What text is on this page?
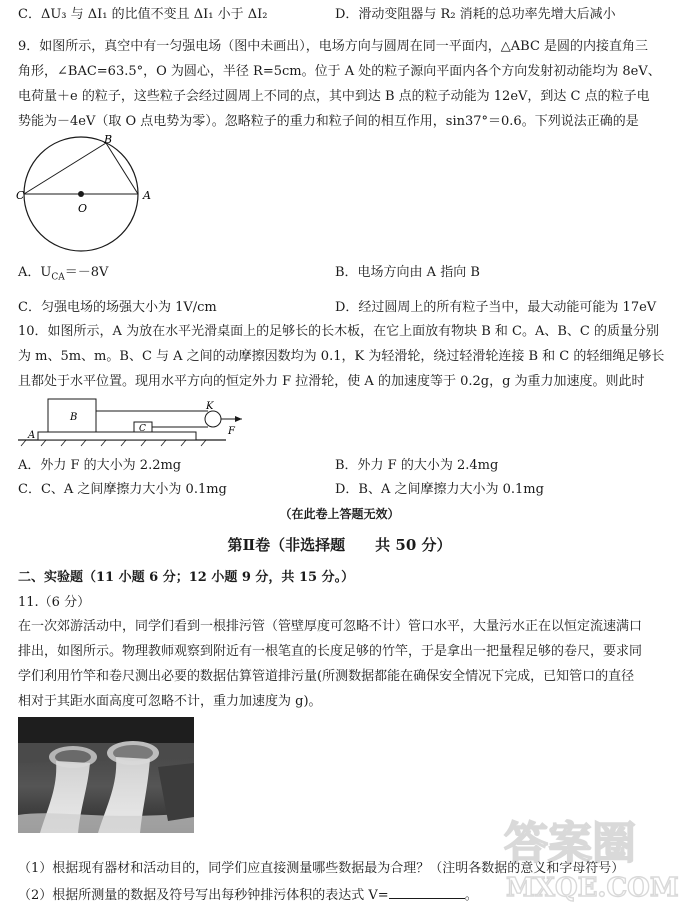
C．ΔU₃ 与 ΔI₁ 的比值不变且 ΔI₁ 小于 ΔI₂	D．滑动变阻器与 R₂ 消耗的总功率先增大后减小
9．如图所示，真空中有一匀强电场（图中未画出），电场方向与圆周在同一平面内，△ABC 是圆的内接直角三
角形，∠BAC=63.5°，O 为圆心，半径 R=5cm。位于 A 处的粒子源向平面内各个方向发射初动能均为 8eV、
电荷量＋e 的粒子，这些粒子会经过圆周上不同的点，其中到达 B 点的粒子动能为 12eV，到达 C 点的粒子电
势能为－4eV（取 O 点电势为零）。忽略粒子的重力和粒子间的相互作用，sin37°＝0.6。下列说法正确的是
C	A
B
O
A．$U_{CA}=-8V$	B．电场方向由 A 指向 B
C．匀强电场的场强大小为 1V/cm	D．经过圆周上的所有粒子当中，最大动能可能为 17eV
10．如图所示，A 为放在水平光滑桌面上的足够长的长木板，在它上面放有物块 B 和 C。A、B、C 的质量分别
为 m、5m、m。B、C 与 A 之间的动摩擦因数均为 0.1，K 为轻滑轮，绕过轻滑轮连接 B 和 C 的轻细绳足够长
且都处于水平位置。现用水平方向的恒定外力 F 拉滑轮，使 A 的加速度等于 0.2g，g 为重力加速度。则此时
B
C
A
K
F
A．外力 F 的大小为 2.2mg	B．外力 F 的大小为 2.4mg
C．C、A 之间摩擦力大小为 0.1mg	D．B、A 之间摩擦力大小为 0.1mg
（在此卷上答题无效）
第Ⅱ卷（非选择题　　共 50 分）
二、实验题（11 小题 6 分；12 小题 9 分，共 15 分。）
11.（6 分）
在一次郊游活动中，同学们看到一根排污管（管壁厚度可忽略不计）管口水平，大量污水正在以恒定流速满口
排出，如图所示。物理教师观察到附近有一根笔直的长度足够的竹竿，于是拿出一把量程足够的卷尺，要求同
学们利用竹竿和卷尺测出必要的数据估算管道排污量(所测数据都能在确保安全情况下完成，已知管口的直径
相对于其距水面高度可忽略不计，重力加速度为 g)。
（1）根据现有器材和活动目的，同学们应直接测量哪些数据最为合理？（注明各数据的意义和字母符号）
（2）根据所测量的数据及符号写出每秒钟排污体积的表达式 V=	。
答案圈
MXQE.COM
